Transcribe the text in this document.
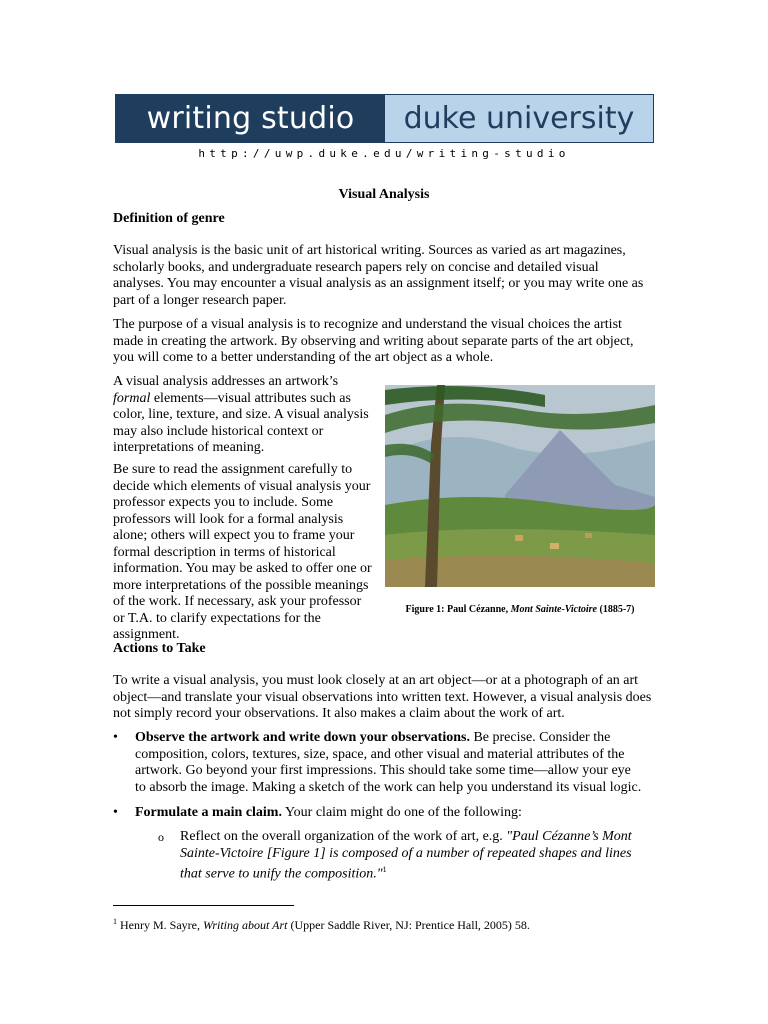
writing studio	duke university
http://uwp.duke.edu/writing-studio
Visual Analysis

Definition of genre

Visual analysis is the basic unit of art historical writing. Sources as varied as art magazines, scholarly books, and undergraduate research papers rely on concise and detailed visual analyses. You may encounter a visual analysis as an assignment itself; or you may write one as part of a longer research paper.

The purpose of a visual analysis is to recognize and understand the visual choices the artist made in creating the artwork. By observing and writing about separate parts of the art object, you will come to a better understanding of the art object as a whole.

A visual analysis addresses an artwork’s formal elements—visual attributes such as color, line, texture, and size. A visual analysis may also include historical context or interpretations of meaning.

Be sure to read the assignment carefully to decide which elements of visual analysis your professor expects you to include. Some professors will look for a formal analysis alone; others will expect you to frame your formal description in terms of historical information. You may be asked to offer one or more interpretations of the possible meanings of the work. If necessary, ask your professor or T.A. to clarify expectations for the assignment.

Figure 1: Paul Cézanne, Mont Sainte-Victoire (1885-7)

Actions to Take

To write a visual analysis, you must look closely at an art object—or at a photograph of an art object—and translate your visual observations into written text. However, a visual analysis does not simply record your observations. It also makes a claim about the work of art.

• Observe the artwork and write down your observations. Be precise. Consider the composition, colors, textures, size, space, and other visual and material attributes of the artwork. Go beyond your first impressions. This should take some time—allow your eye to absorb the image. Making a sketch of the work can help you understand its visual logic.
• Formulate a main claim. Your claim might do one of the following:
o Reflect on the overall organization of the work of art, e.g. "Paul Cézanne’s Mont Sainte-Victoire [Figure 1] is composed of a number of repeated shapes and lines that serve to unify the composition."$^1$
$^1$ Henry M. Sayre, Writing about Art (Upper Saddle River, NJ: Prentice Hall, 2005) 58.
